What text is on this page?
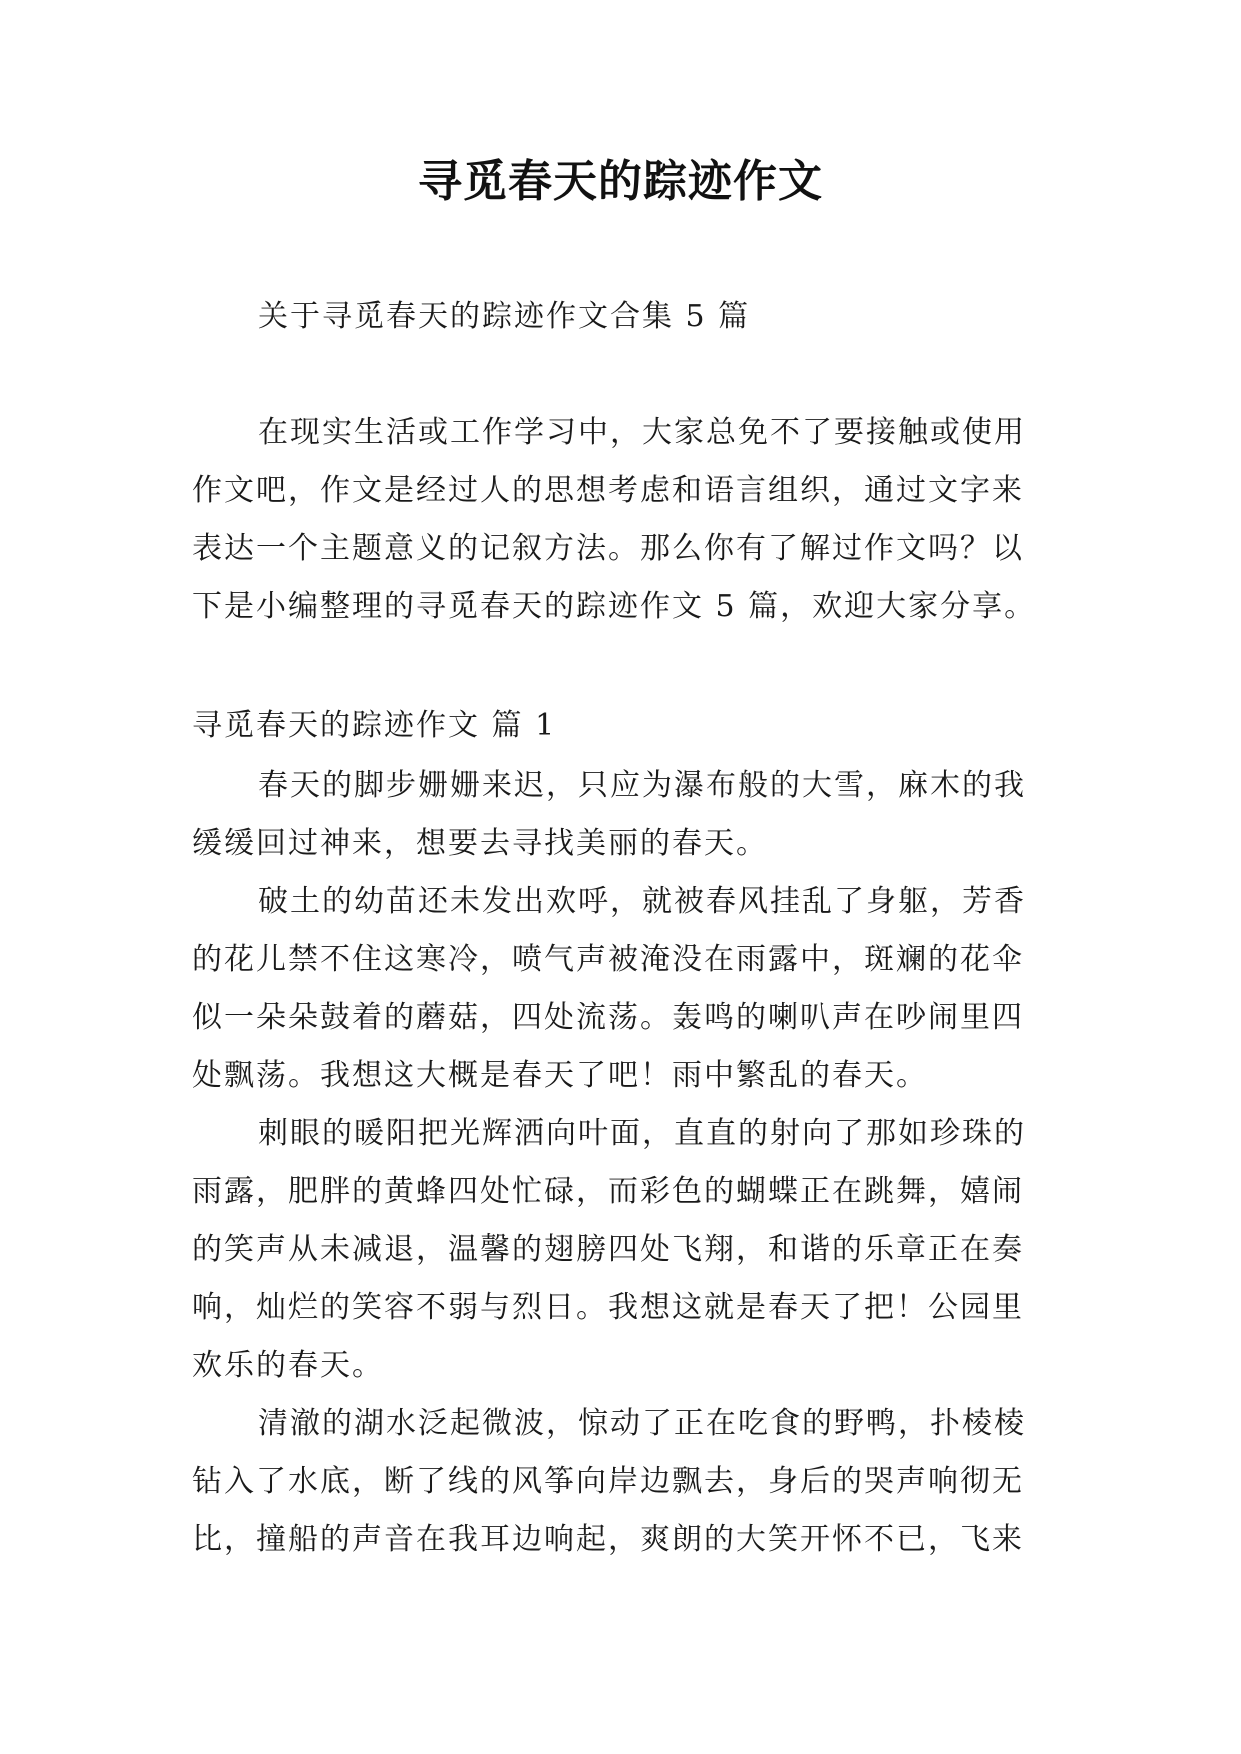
寻觅春天的踪迹作文
关于寻觅春天的踪迹作文合集 5 篇
在现实生活或工作学习中，大家总免不了要接触或使用
作文吧，作文是经过人的思想考虑和语言组织，通过文字来
表达一个主题意义的记叙方法。那么你有了解过作文吗？以
下是小编整理的寻觅春天的踪迹作文 5 篇，欢迎大家分享。
寻觅春天的踪迹作文 篇 1
春天的脚步姗姗来迟，只应为瀑布般的大雪，麻木的我
缓缓回过神来，想要去寻找美丽的春天。
破土的幼苗还未发出欢呼，就被春风挂乱了身躯，芳香
的花儿禁不住这寒冷，喷气声被淹没在雨露中，斑斓的花伞
似一朵朵鼓着的蘑菇，四处流荡。轰鸣的喇叭声在吵闹里四
处飘荡。我想这大概是春天了吧！雨中繁乱的春天。
刺眼的暖阳把光辉洒向叶面，直直的射向了那如珍珠的
雨露，肥胖的黄蜂四处忙碌，而彩色的蝴蝶正在跳舞，嬉闹
的笑声从未减退，温馨的翅膀四处飞翔，和谐的乐章正在奏
响，灿烂的笑容不弱与烈日。我想这就是春天了把！公园里
欢乐的春天。
清澈的湖水泛起微波，惊动了正在吃食的野鸭，扑棱棱
钻入了水底，断了线的风筝向岸边飘去，身后的哭声响彻无
比，撞船的声音在我耳边响起，爽朗的大笑开怀不已，飞来
